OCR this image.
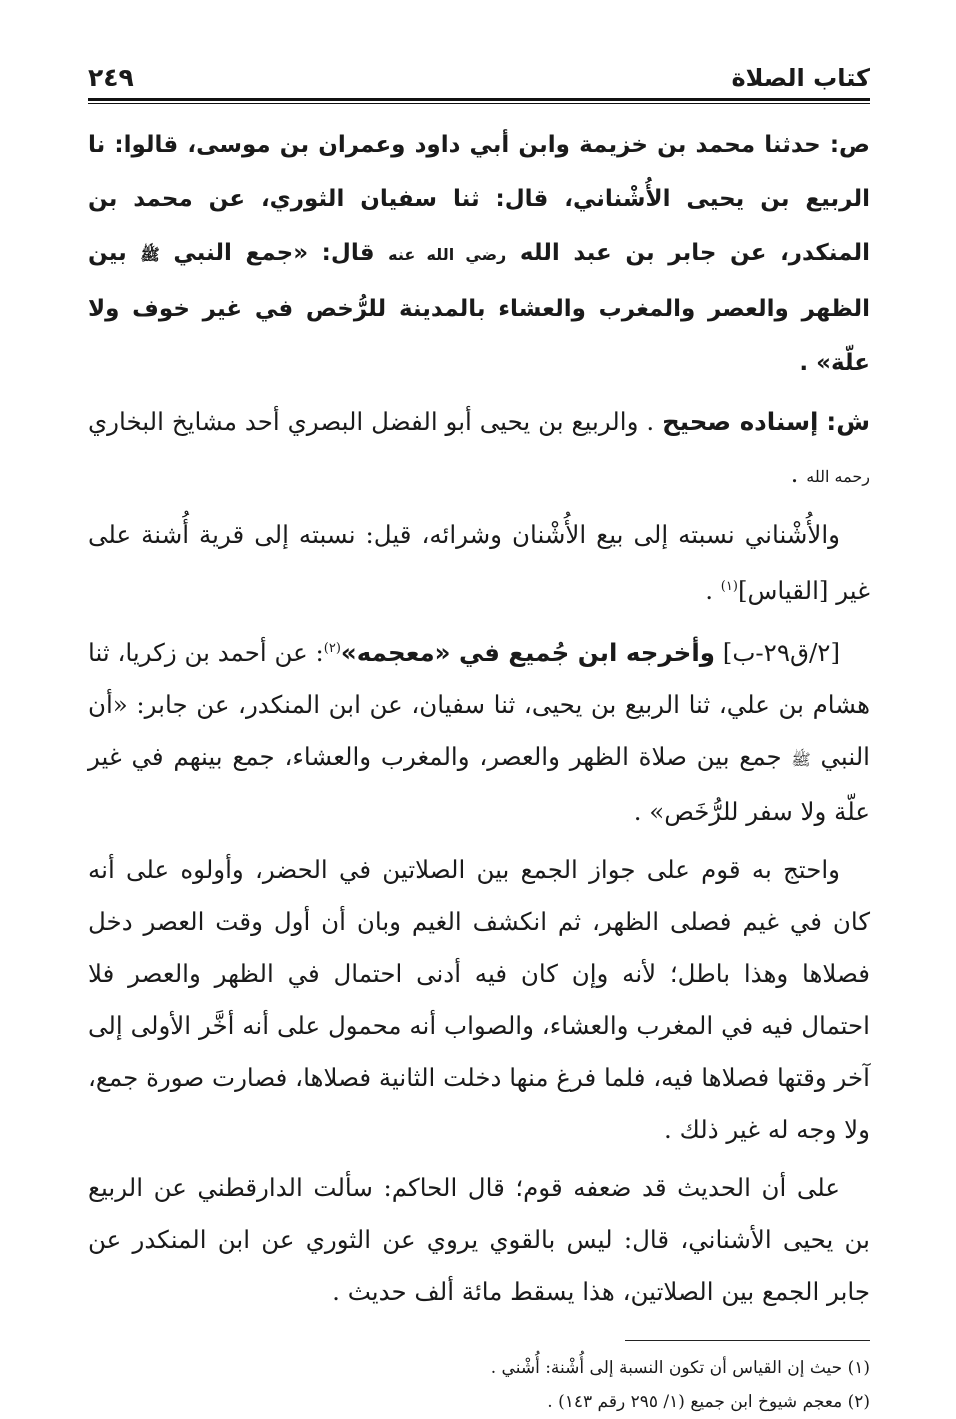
كتاب الصلاة
٢٤٩

ص: حدثنا محمد بن خزيمة وابن أبي داود وعمران بن موسى، قالوا: نا الربيع بن يحيى الأُشْناني، قال: ثنا سفيان الثوري، عن محمد بن المنكدر، عن جابر بن عبد الله رضي الله عنه قال: «جمع النبي ﷺ بين الظهر والعصر والمغرب والعشاء بالمدينة للرُّخص في غير خوف ولا علّة» .

ش: إسناده صحيح . والربيع بن يحيى أبو الفضل البصري أحد مشايخ البخاري رحمه الله .

والأُشْناني نسبته إلى بيع الأُشْنان وشرائه، قيل: نسبته إلى قرية أُشنة على غير [القياس]$^{(١)}$ .

[٢/ق٢٩-ب] وأخرجه ابن جُميع في «معجمه»$^{(٢)}$: عن أحمد بن زكريا، ثنا هشام بن علي، ثنا الربيع بن يحيى، ثنا سفيان، عن ابن المنكدر، عن جابر: «أن النبي ﷺ جمع بين صلاة الظهر والعصر، والمغرب والعشاء، جمع بينهم في غير علّة ولا سفر للرُّخَص» .

واحتج به قوم على جواز الجمع بين الصلاتين في الحضر، وأولوه على أنه كان في غيم فصلى الظهر، ثم انكشف الغيم وبان أن أول وقت العصر دخل فصلاها وهذا باطل؛ لأنه وإن كان فيه أدنى احتمال في الظهر والعصر فلا احتمال فيه في المغرب والعشاء، والصواب أنه محمول على أنه أخَّر الأولى إلى آخر وقتها فصلاها فيه، فلما فرغ منها دخلت الثانية فصلاها، فصارت صورة جمع، ولا وجه له غير ذلك .

على أن الحديث قد ضعفه قوم؛ قال الحاكم: سألت الدارقطني عن الربيع بن يحيى الأشناني، قال: ليس بالقوي يروي عن الثوري عن ابن المنكدر عن جابر الجمع بين الصلاتين، هذا يسقط مائة ألف حديث .

(١) حيث إن القياس أن تكون النسبة إلى أُشْنة: أُشْني .

(٢) معجم شيوخ ابن جميع (١/ ٢٩٥ رقم ١٤٣) .
